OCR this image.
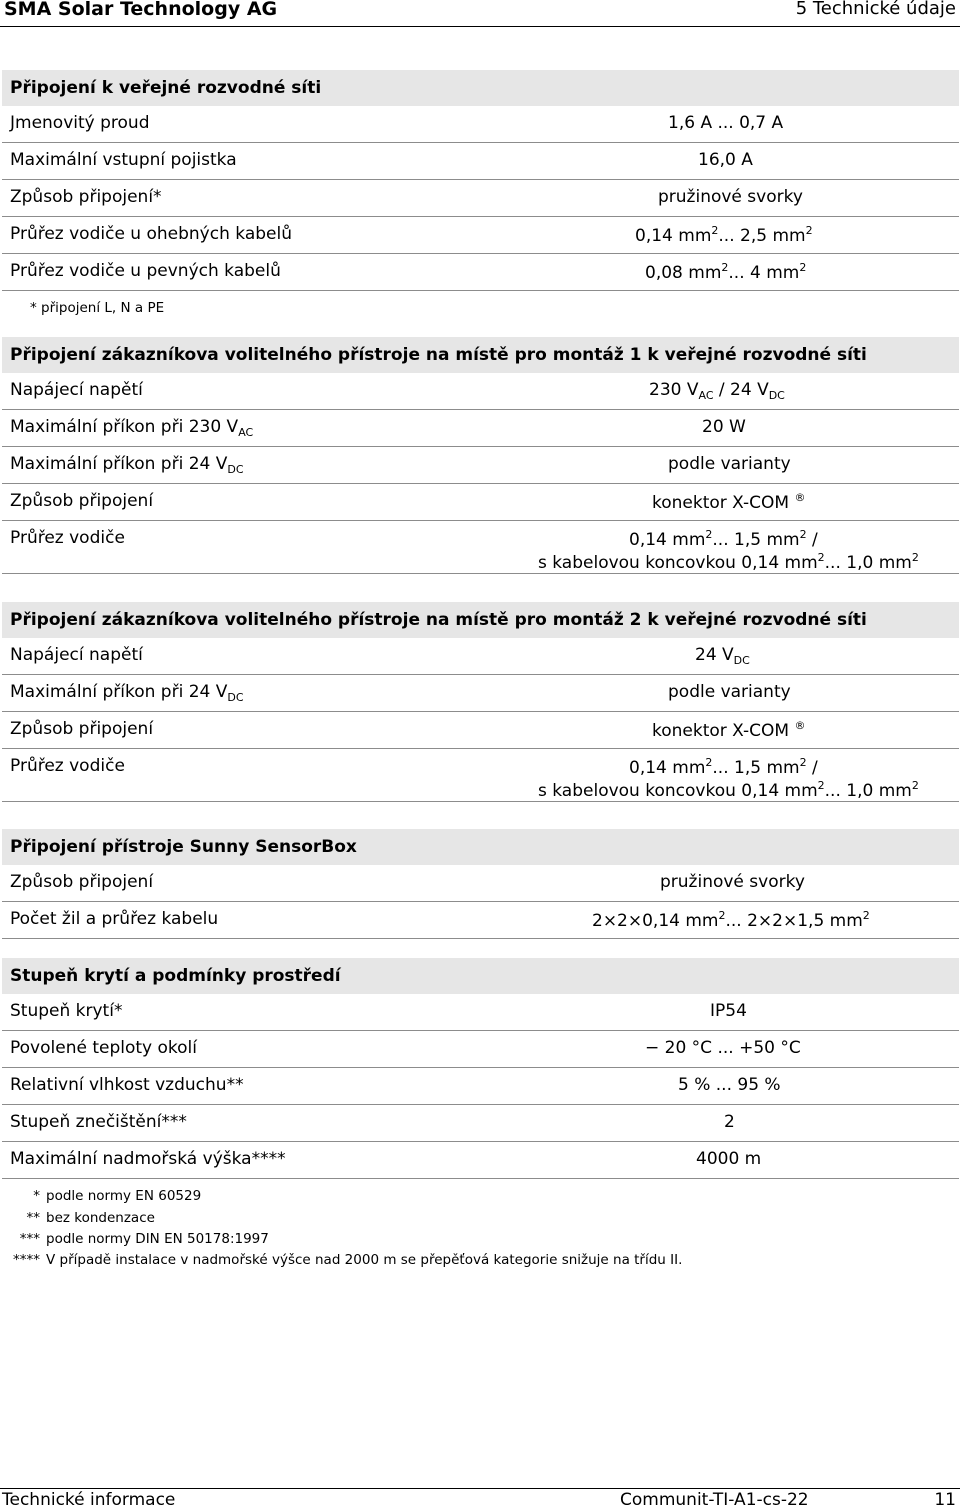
SMA Solar Technology AG	5 Technické údaje
Připojení k veřejné rozvodné síti
Jmenovitý proud	1,6 A ... 0,7 A
Maximální vstupní pojistka	16,0 A
Způsob připojení*	pružinové svorky
Průřez vodiče u ohebných kabelů	0,14 $mm^2$... 2,5 $mm^2$
Průřez vodiče u pevných kabelů	0,08 $mm^2$... 4 $mm^2$
* připojení L, N a PE
Připojení zákazníkova volitelného přístroje na místě pro montáž 1 k veřejné rozvodné síti
Napájecí napětí	230 $V_{AC} / 24$ $V_{DC}$
Maximální příkon při 230 $V_{AC}$	20 W
Maximální příkon při 24 $V_{DC}$	podle varianty
Způsob připojení	konektor X-COM ®
Průřez vodiče	0,14 $mm^2$... 1,5 $mm^2$ /
s kabelovou koncovkou 0,14 $mm^2$... 1,0 $mm^2$
Připojení zákazníkova volitelného přístroje na místě pro montáž 2 k veřejné rozvodné síti
Napájecí napětí	24 $V_{DC}$
Maximální příkon při 24 $V_{DC}$	podle varianty
Způsob připojení	konektor X-COM ®
Průřez vodiče	0,14 $mm^2$... 1,5 $mm^2$ /
s kabelovou koncovkou 0,14 $mm^2$... 1,0 $mm^2$
Připojení přístroje Sunny SensorBox
Způsob připojení	pružinové svorky
Počet žil a průřez kabelu	2×2×0,14 $mm^2$... 2×2×1,5 $mm^2$
Stupeň krytí a podmínky prostředí
Stupeň krytí*	IP54
Povolené teploty okolí	− 20 °C ... +50 °C
Relativní vlhkost vzduchu**	5 % ... 95 %
Stupeň znečištění***	2
Maximální nadmořská výška****	4000 m
* podle normy EN 60529
** bez kondenzace
*** podle normy DIN EN 50178:1997
**** V případě instalace v nadmořské výšce nad 2000 m se přepěťová kategorie snižuje na třídu II.
Technické informace	Communit-TI-A1-cs-22	11
